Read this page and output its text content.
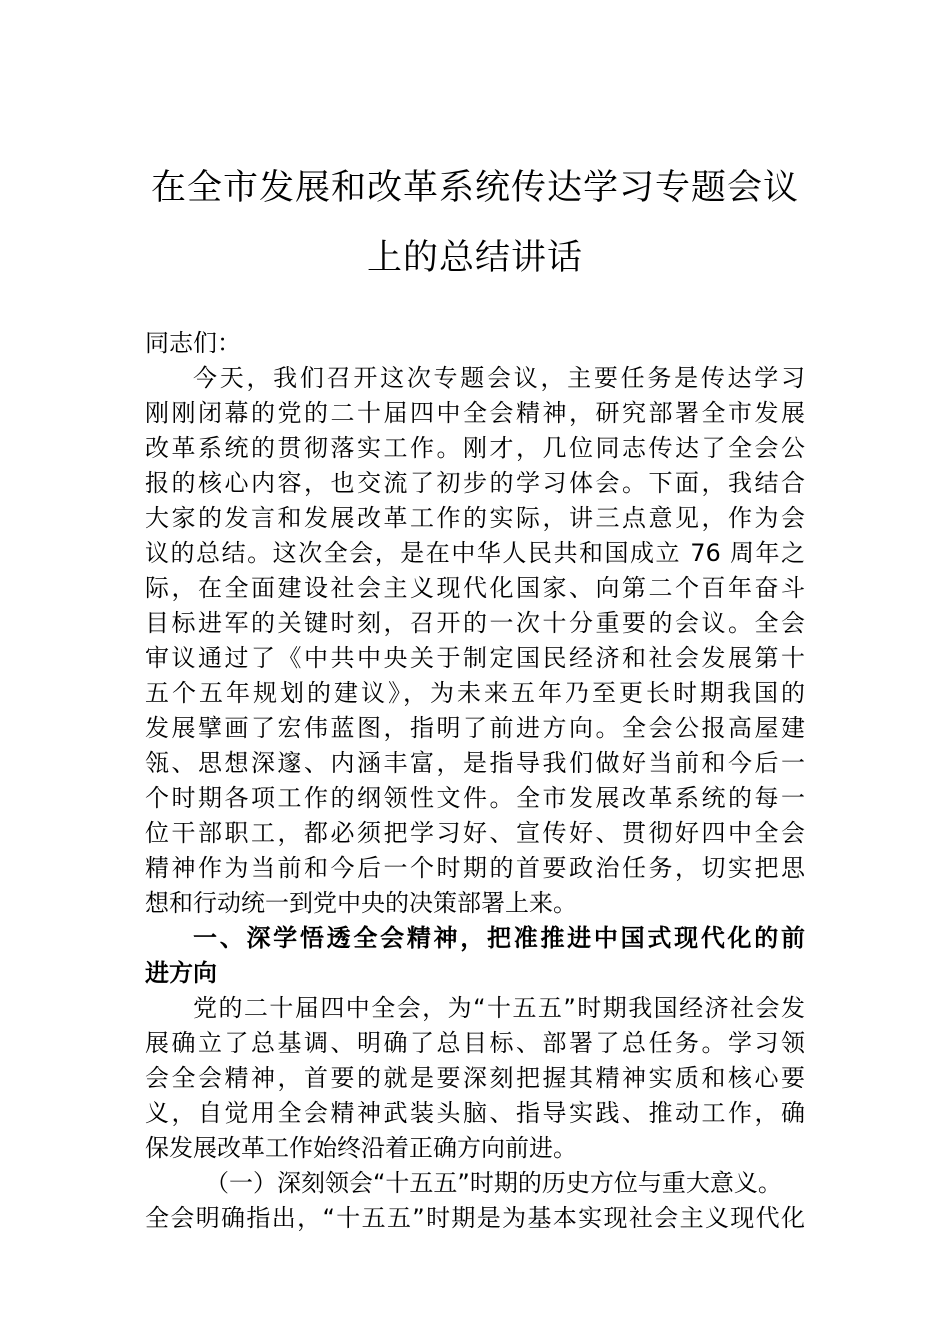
在全市发展和改革系统传达学习专题会议
上的总结讲话
同志们：
今天，我们召开这次专题会议，主要任务是传达学习
刚刚闭幕的党的二十届四中全会精神，研究部署全市发展
改革系统的贯彻落实工作。刚才，几位同志传达了全会公
报的核心内容，也交流了初步的学习体会。下面，我结合
大家的发言和发展改革工作的实际，讲三点意见，作为会
议的总结。这次全会，是在中华人民共和国成立 76 周年之
际，在全面建设社会主义现代化国家、向第二个百年奋斗
目标进军的关键时刻，召开的一次十分重要的会议。全会
审议通过了《中共中央关于制定国民经济和社会发展第十
五个五年规划的建议》，为未来五年乃至更长时期我国的
发展擘画了宏伟蓝图，指明了前进方向。全会公报高屋建
瓴、思想深邃、内涵丰富，是指导我们做好当前和今后一
个时期各项工作的纲领性文件。全市发展改革系统的每一
位干部职工，都必须把学习好、宣传好、贯彻好四中全会
精神作为当前和今后一个时期的首要政治任务，切实把思
想和行动统一到党中央的决策部署上来。
一、深学悟透全会精神，把准推进中国式现代化的前
进方向
党的二十届四中全会，为“十五五”时期我国经济社会发
展确立了总基调、明确了总目标、部署了总任务。学习领
会全会精神，首要的就是要深刻把握其精神实质和核心要
义，自觉用全会精神武装头脑、指导实践、推动工作，确
保发展改革工作始终沿着正确方向前进。
（一）深刻领会“十五五”时期的历史方位与重大意义。
全会明确指出，“十五五”时期是为基本实现社会主义现代化
